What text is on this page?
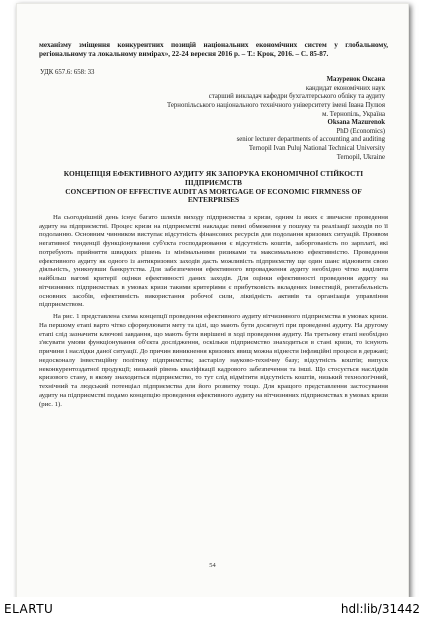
механізму зміщення конкурентних позицій національних економічних систем у глобальному, регіональному та локальному вимірах», 22-24 вересня 2016 р. – Т.: Крок, 2016. – С. 85-87.

УДК 657.6: 658: 33
Мазуренок Оксана
кандидат економічних наук
старший викладач кафедри бухгалтерського обліку та аудиту
Тернопільського національного технічного університету імені Івана Пулюя
м. Тернопіль, Україна
Oksana Mazurenok
PhD (Economics)
senior lecturer departments of accounting and auditing
Ternopil Ivan Puluj National Technical University
Ternopil, Ukraine
КОНЦЕПЦІЯ ЕФЕКТИВНОГО АУДИТУ ЯК ЗАПОРУКА ЕКОНОМІЧНОЇ СТІЙКОСТІ ПІДПРИЄМСТВ
CONCEPTION OF EFFECTIVE AUDIT AS MORTGAGE OF ECONOMIC FIRMNESS OF ENTERPRISES

На сьогоднішній день існує багато шляхів виходу підприємства з кризи, одним із яких є звичасне проведення аудиту на підприємстві. Процес кризи на підприємстві накладає певні обмеження у пошуку та реалізації заходів по її подоланню. Основним чинником виступає відсутність фінансових ресурсів для подолання кризових ситуацій. Проявом негативної тенденції функціонування суб'єкта господарювання є відсутність коштів, заборгованість по зарплаті, які потребують прийняття швидких рішень із мінімальними ризиками та максимальною ефективністю. Проведення ефективного аудиту як одного із антикризових заходів дасть можливість підприємству ще один шанс відновити свою діяльність, уникнувши банкрутства. Для забезпечення ефективного впровадження аудиту необхідно чітко виділити найбільш вагомі критерії оцінки ефективності даних заходів. Для оцінки ефективності проведення аудиту на вітчизняних підприємствах в умовах кризи такими критеріями є прибутковість вкладених інвестицій, рентабельність основних засобів, ефективність використання робочої сили, ліквідність активів та організація управління підприємством.

На рис. 1 представлена схема концепції проведення ефективного аудиту вітчизняного підприємства в умовах кризи. На першому етапі варто чітко сформулювати мету та цілі, що мають бути досягнуті при проведенні аудиту. На другому етапі слід зазначити ключові завдання, що мають бути вирішені в ході проведення аудиту. На третьому етапі необхідно з'ясувати умови функціонування об'єкта дослідження, оскільки підприємство знаходиться в стані кризи, то існують причини і наслідки даної ситуації. До причин виникнення кризових явищ можна віднести інфляційні процеси в державі; недосконалу інвестиційну політику підприємства; застарілу науково-технічну базу; відсутність коштів; випуск неконкурентоздатної продукції; низький рівень кваліфікації кадрового забезпечення та інші. Що стосується наслідків кризового стану, в якому знаходиться підприємство, то тут слід відмітити відсутність коштів, низький технологічний, технічний та людський потенціал підприємства для його розвитку тощо. Для кращого представлення застосування аудиту на підприємстві подамо концепцію проведення ефективного аудиту на вітчизняних підприємствах в умовах кризи (рис. 1).

54
ELARTU	hdl:lib/31442
